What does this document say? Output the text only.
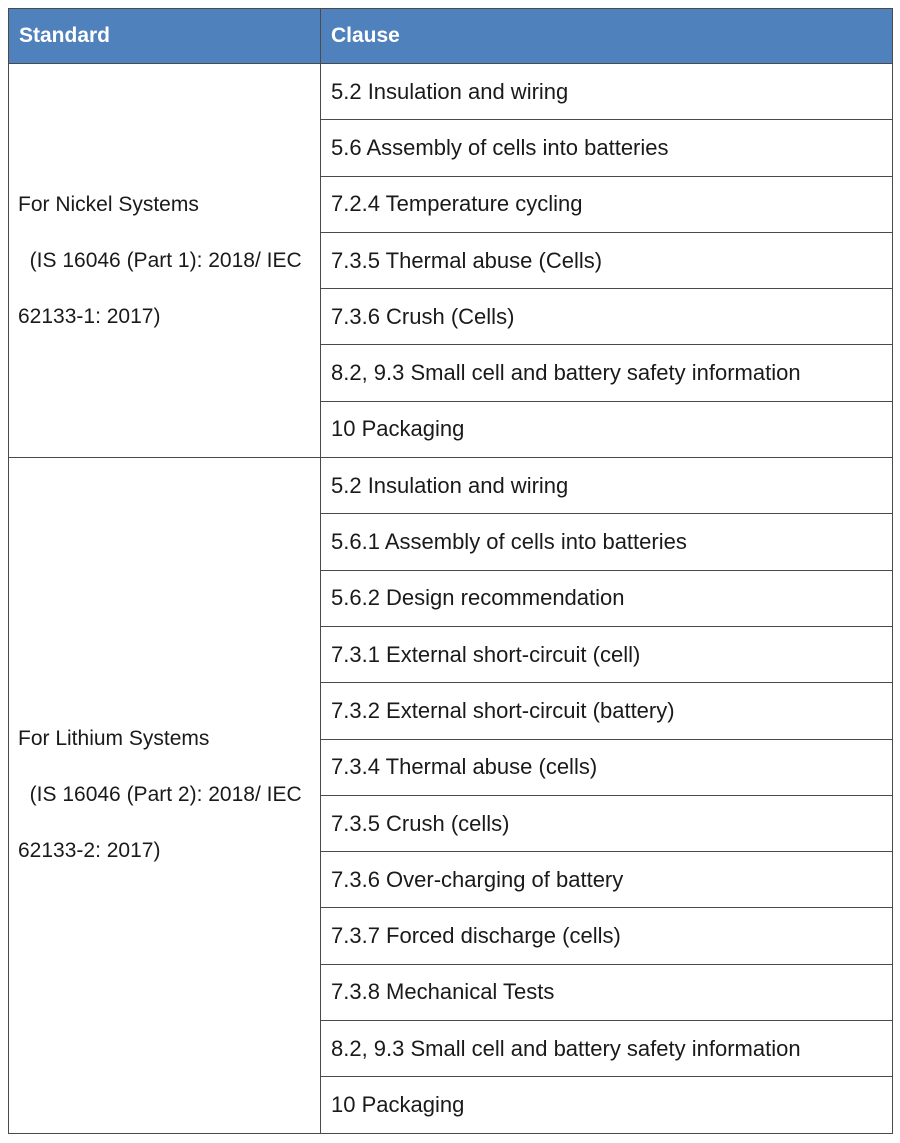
Standard	Clause

For Nickel Systems
(IS 16046 (Part 1): 2018/ IEC
62133-1: 2017)	5.2 Insulation and wiring
	5.6 Assembly of cells into batteries
	7.2.4 Temperature cycling
	7.3.5 Thermal abuse (Cells)
	7.3.6 Crush (Cells)
	8.2, 9.3 Small cell and battery safety information
	10 Packaging

For Lithium Systems
(IS 16046 (Part 2): 2018/ IEC
62133-2: 2017)	5.2 Insulation and wiring
	5.6.1 Assembly of cells into batteries
	5.6.2 Design recommendation
	7.3.1 External short-circuit (cell)
	7.3.2 External short-circuit (battery)
	7.3.4 Thermal abuse (cells)
	7.3.5 Crush (cells)
	7.3.6 Over-charging of battery
	7.3.7 Forced discharge (cells)
	7.3.8 Mechanical Tests
	8.2, 9.3 Small cell and battery safety information
	10 Packaging
